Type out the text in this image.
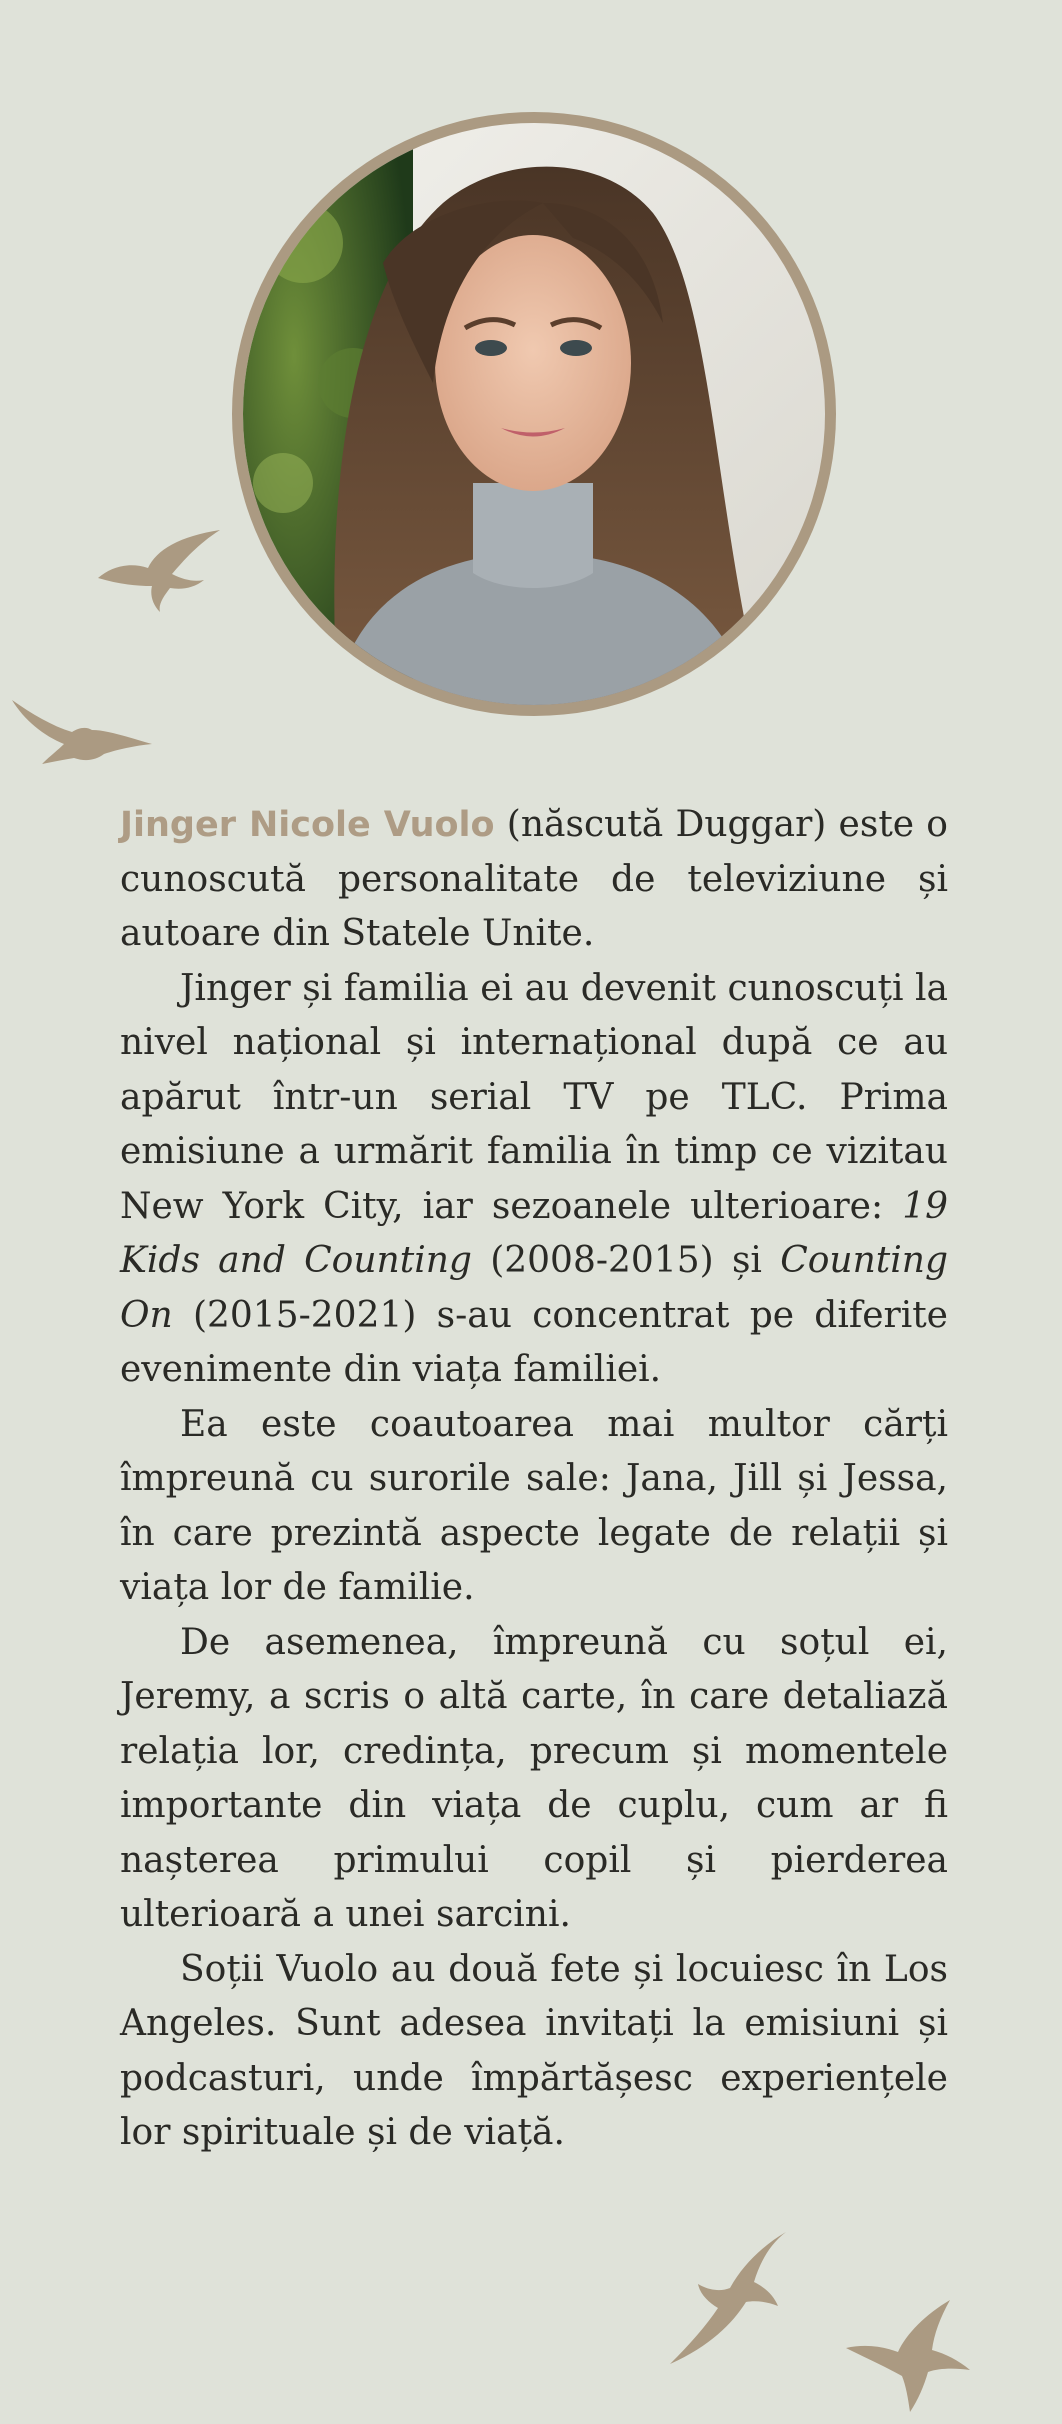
Jinger Nicole Vuolo (născută Duggar) este o cunoscută personalitate de televiziune și autoare din Statele Unite.

Jinger și familia ei au devenit cunoscuți la nivel național și internațional după ce au apărut într-un serial TV pe TLC. Prima emisiune a urmărit familia în timp ce vizitau New York City, iar sezoanele ulterioare: 19 Kids and Counting (2008-2015) și Counting On (2015-2021) s-au concentrat pe diferite evenimente din viața familiei.

Ea este coautoarea mai multor cărți împreună cu surorile sale: Jana, Jill și Jessa, în care prezintă aspecte legate de relații și viața lor de familie.

De asemenea, împreună cu soțul ei, Jeremy, a scris o altă carte, în care detaliază relația lor, credința, precum și momentele importante din viața de cuplu, cum ar fi nașterea primului copil și pierderea ulterioară a unei sarcini.

Soții Vuolo au două fete și locuiesc în Los Angeles. Sunt adesea invitați la emisiuni și podcasturi, unde împărtășesc experiențele lor spirituale și de viață.
